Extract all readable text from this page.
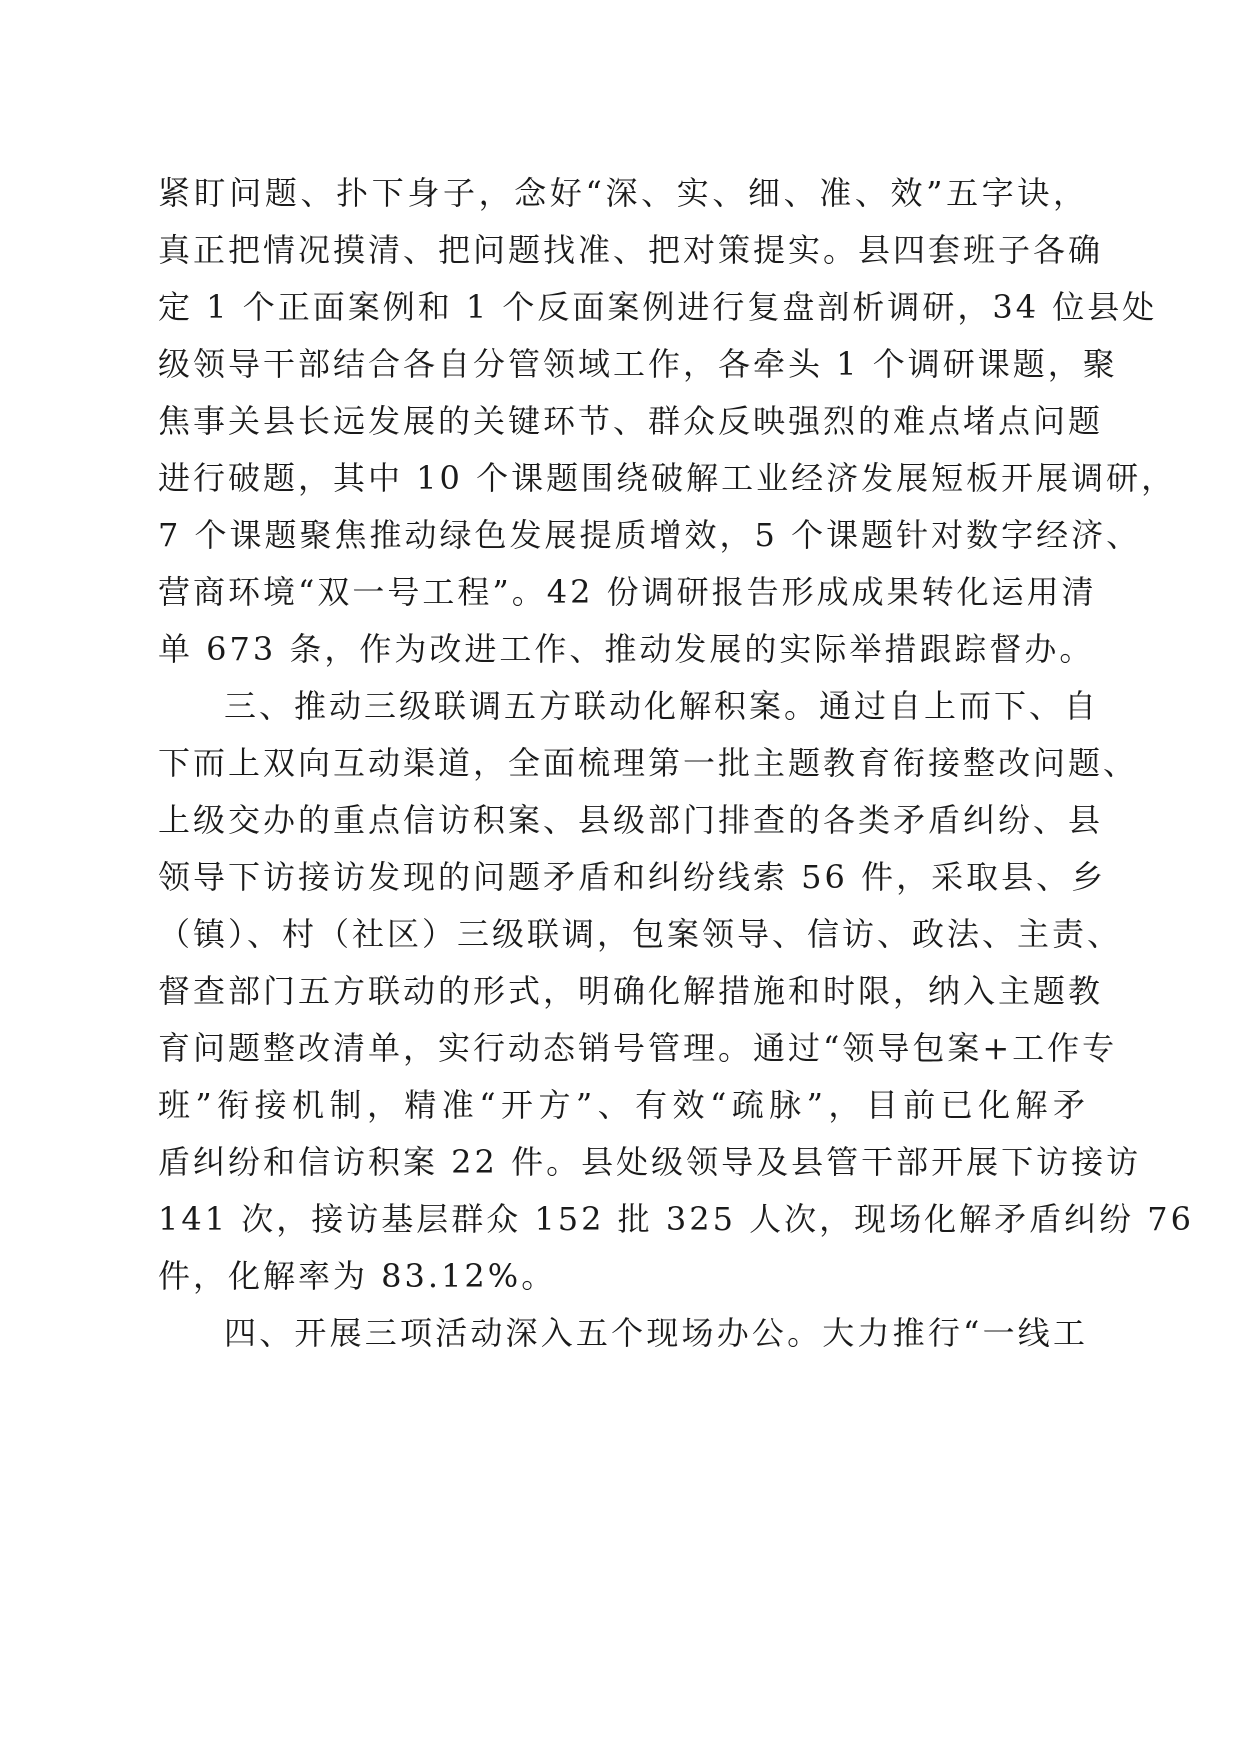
紧盯问题、扑下身子，念好“深、实、细、准、效”五字诀，
真正把情况摸清、把问题找准、把对策提实。县四套班子各确
定 1 个正面案例和 1 个反面案例进行复盘剖析调研，34 位县处
级领导干部结合各自分管领域工作，各牵头 1 个调研课题，聚
焦事关县长远发展的关键环节、群众反映强烈的难点堵点问题
进行破题，其中 10 个课题围绕破解工业经济发展短板开展调研，
7 个课题聚焦推动绿色发展提质增效，5 个课题针对数字经济、
营商环境“双一号工程”。42 份调研报告形成成果转化运用清
单 673 条，作为改进工作、推动发展的实际举措跟踪督办。
三、推动三级联调五方联动化解积案。通过自上而下、自
下而上双向互动渠道，全面梳理第一批主题教育衔接整改问题、
上级交办的重点信访积案、县级部门排查的各类矛盾纠纷、县
领导下访接访发现的问题矛盾和纠纷线索 56 件，采取县、乡
（镇）、村（社区）三级联调，包案领导、信访、政法、主责、
督查部门五方联动的形式，明确化解措施和时限，纳入主题教
育问题整改清单，实行动态销号管理。通过“领导包案+工作专
班”衔接机制，精准“开方”、有效“疏脉”，目前已化解矛
盾纠纷和信访积案 22 件。县处级领导及县管干部开展下访接访
141 次，接访基层群众 152 批 325 人次，现场化解矛盾纠纷 76
件，化解率为 83.12%。
四、开展三项活动深入五个现场办公。大力推行“一线工
